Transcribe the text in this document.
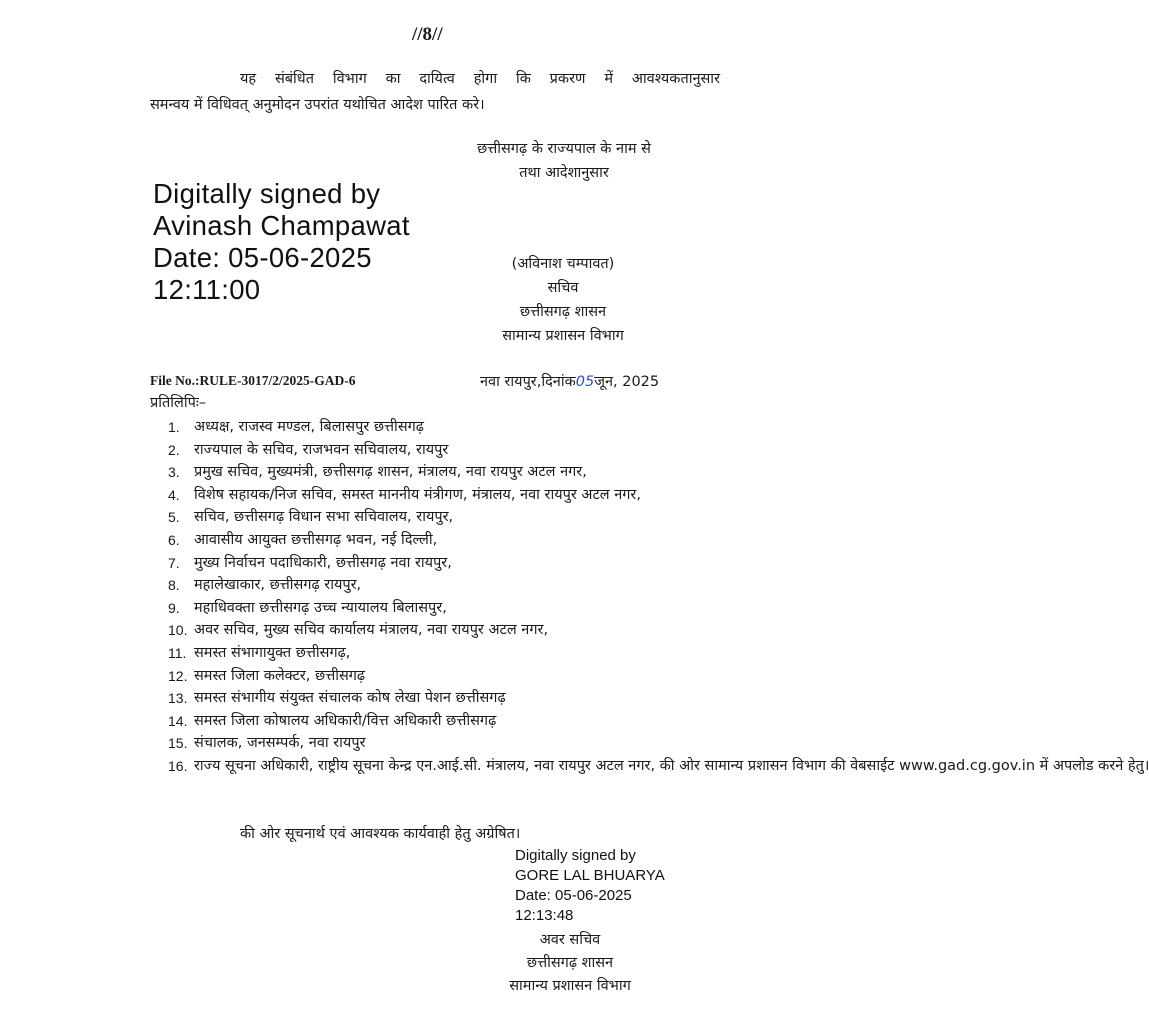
//8//

यह संबंधित विभाग का दायित्व होगा कि प्रकरण में आवश्यकतानुसार

समन्वय में विधिवत् अनुमोदन उपरांत यथोचित आदेश पारित करे।

छत्तीसगढ़ के राज्यपाल के नाम से
तथा आदेशानुसार
Digitally signed by
Avinash Champawat
Date: 05-06-2025
12:11:00
(अविनाश चम्पावत)
सचिव
छत्तीसगढ़ शासन
सामान्य प्रशासन विभाग
File No.:RULE-3017/2/2025-GAD-6	नवा रायपुर,दिनांक05जून, 2025
प्रतिलिपिः–
1. अध्यक्ष, राजस्व मण्डल, बिलासपुर छत्तीसगढ़
2. राज्यपाल के सचिव, राजभवन सचिवालय, रायपुर
3. प्रमुख सचिव, मुख्यमंत्री, छत्तीसगढ़ शासन, मंत्रालय, नवा रायपुर अटल नगर,
4. विशेष सहायक/निज सचिव, समस्त माननीय मंत्रीगण, मंत्रालय, नवा रायपुर अटल नगर,
5. सचिव, छत्तीसगढ़ विधान सभा सचिवालय, रायपुर,
6. आवासीय आयुक्त छत्तीसगढ़ भवन, नई दिल्ली,
7. मुख्य निर्वाचन पदाधिकारी, छत्तीसगढ़ नवा रायपुर,
8. महालेखाकार, छत्तीसगढ़ रायपुर,
9. महाधिवक्ता छत्तीसगढ़ उच्च न्यायालय बिलासपुर,
10. अवर सचिव, मुख्य सचिव कार्यालय मंत्रालय, नवा रायपुर अटल नगर,
11. समस्त संभागायुक्त छत्तीसगढ़,
12. समस्त जिला कलेक्टर, छत्तीसगढ़
13. समस्त संभागीय संयुक्त संचालक कोष लेखा पेशन छत्तीसगढ़
14. समस्त जिला कोषालय अधिकारी/वित्त अधिकारी छत्तीसगढ़
15. संचालक, जनसम्पर्क, नवा रायपुर
16. राज्य सूचना अधिकारी, राष्ट्रीय सूचना केन्द्र एन.आई.सी. मंत्रालय, नवा रायपुर अटल नगर, की ओर सामान्य प्रशासन विभाग की वेबसाईट www.gad.cg.gov.in में अपलोड करने हेतु।
की ओर सूचनार्थ एवं आवश्यक कार्यवाही हेतु अग्रेषित।
Digitally signed by
GORE LAL BHUARYA
Date: 05-06-2025
12:13:48
अवर सचिव
छत्तीसगढ़ शासन
सामान्य प्रशासन विभाग
